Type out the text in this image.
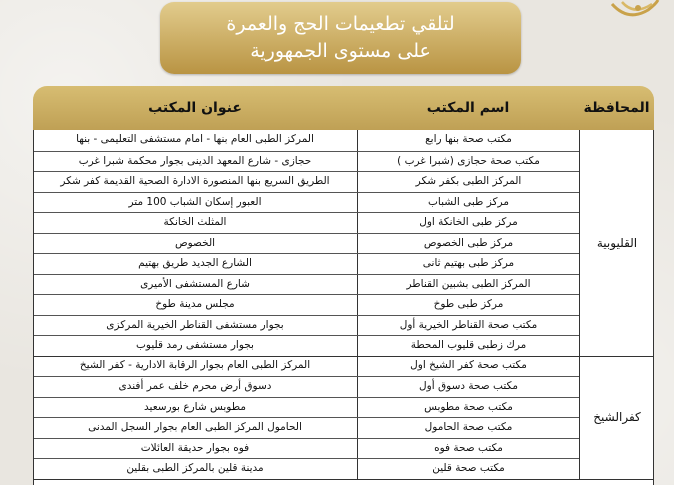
لتلقي تطعيمات الحج والعمرة
على مستوى الجمهورية
المحافظة
اسم المكتب
عنوان المكتب
القليوبية
مكتب صحة بنها رابع
المركز الطبى العام بنها - امام مستشفى التعليمى - بنها
مكتب صحة حجازى (شبرا غرب )
حجازى - شارع المعهد الدينى بجوار محكمة شبرا غرب
المركز الطبى بكفر شكر
الطريق السريع بنها المنصورة الادارة الصحية القديمة كفر شكر
مركز طبى الشباب
العبور إسكان الشباب 100 متر
مركز طبى الخانكة اول
المثلث الخانكة
مركز طبى الخصوص
الخصوص
مركز طبى بهتيم ثانى
الشارع الجديد طريق بهتيم
المركز الطبى بشبين القناطر
شارع المستشفى الأميرى
مركز طبى طوخ
مجلس مدينة طوخ
مكتب صحة القناطر الخيرية أول
بجوار مستشفى القناطر الخيرية المركزى
مرك زطبى قليوب المحطة
بجوار مستشفى رمد قليوب
كفرالشيخ
مكتب صحة كفر الشيخ اول
المركز الطبى العام بجوار الرقابة الادارية - كفر الشيخ
مكتب صحة دسوق أول
دسوق أرض محرم خلف عمر أفندى
مكتب صحة مطوبس
مطوبس شارع بورسعيد
مكتب صحة الحامول
الحامول المركز الطبى العام بجوار السجل المدنى
مكتب صحة فوه
فوه بجوار حديقة العائلات
مكتب صحة قلين
مدينة قلين بالمركز الطبى بقلين
